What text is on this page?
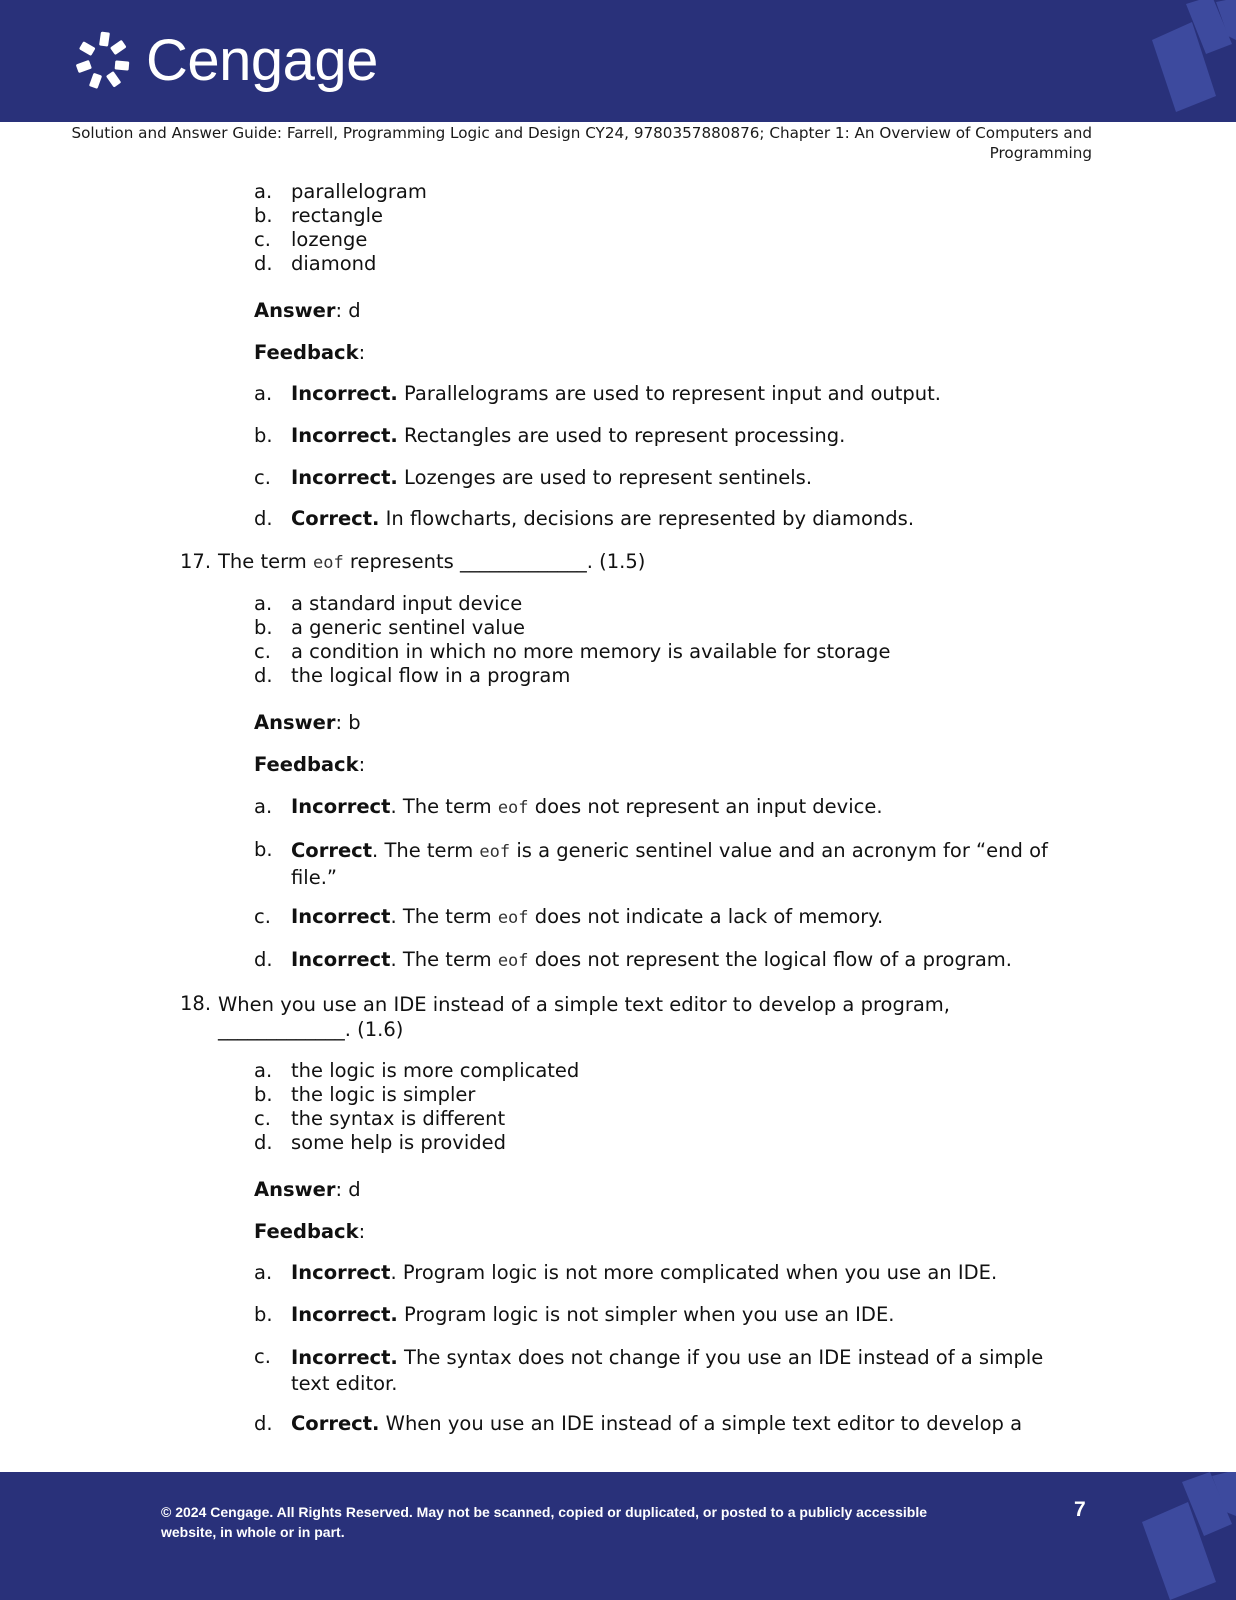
Cengage
Solution and Answer Guide: Farrell, Programming Logic and Design CY24, 9780357880876; Chapter 1: An Overview of Computers and Programming
a. parallelogram
b. rectangle
c. lozenge
d. diamond
Answer: d
Feedback:
a. Incorrect. Parallelograms are used to represent input and output.
b. Incorrect. Rectangles are used to represent processing.
c. Incorrect. Lozenges are used to represent sentinels.
d. Correct. In flowcharts, decisions are represented by diamonds.
17. The term eof represents _____________. (1.5)
a. a standard input device
b. a generic sentinel value
c. a condition in which no more memory is available for storage
d. the logical flow in a program
Answer: b
Feedback:
a. Incorrect. The term eof does not represent an input device.
b. Correct. The term eof is a generic sentinel value and an acronym for “end of file.”
c. Incorrect. The term eof does not indicate a lack of memory.
d. Incorrect. The term eof does not represent the logical flow of a program.
18. When you use an IDE instead of a simple text editor to develop a program, _____________. (1.6)
a. the logic is more complicated
b. the logic is simpler
c. the syntax is different
d. some help is provided
Answer: d
Feedback:
a. Incorrect. Program logic is not more complicated when you use an IDE.
b. Incorrect. Program logic is not simpler when you use an IDE.
c. Incorrect. The syntax does not change if you use an IDE instead of a simple text editor.
d. Correct. When you use an IDE instead of a simple text editor to develop a
© 2024 Cengage. All Rights Reserved. May not be scanned, copied or duplicated, or posted to a publicly accessible website, in whole or in part.
7
